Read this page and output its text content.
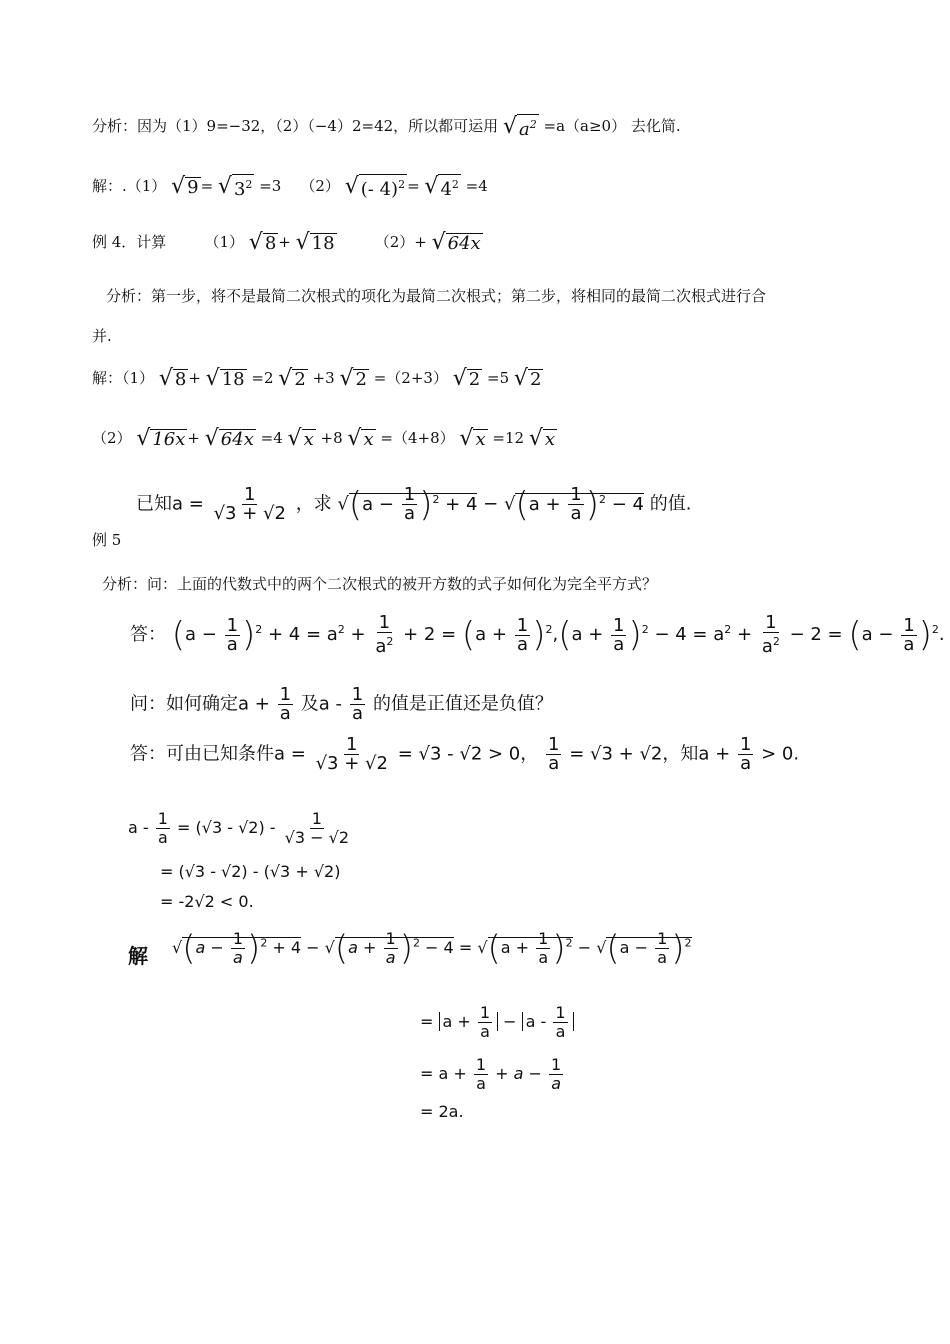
分析：因为（1）9=−32，（2）（−4）2=42，所以都可运用 √ $a^2 =a(a\ge 0)$ 去化简.
解：.（1） √ 9 = √ $3^2 =3$ （2） √ (- 4)$^2$ = √ $4^2 =4$
例 4．计算	（1） √ 8 + √ 18	（2）+ √ 64x
分析：第一步，将不是最简二次根式的项化为最简二次根式；第二步，将相同的最简二次根式进行合
并.
解：（1） √ 8 + √ 18 =2 √ 2 +3 √ 2 =（2+3） √ 2 =5 √ 2
（2） √ 16x + √ 64x =4 √ x +8 √ x =（4+8） √ x =12 √ x
已知$a = \frac{1}{√3 + √2}$ ，求 $√(a - \frac{1}{a} )^2 + 4 - √(a + \frac{1}{a} )^2 - 4$ 的值.
例 5
分析：问：上面的代数式中的两个二次根式的被开方数的式子如何化为完全平方式？
答： $(a - \frac{1}{a} )^2 + 4 = a^2 + \frac{1}{a^2} + 2 = (a + \frac{1}{a} )^2,(a + \frac{1}{a} )^2 - 4 = a^2 + \frac{1}{a^2} - 2 = (a - \frac{1}{a} )^2$.
问：如何确定$a + \frac{1}{a}$ 及a - $\frac{1}{a}$ 的值是正值还是负值？
答：可由已知条件$a = \frac{1}{√3 + √2} = √3 - √2 > 0$， $\frac{1}{a} = √3 + √2$，知$a + \frac{1}{a} > 0$.
$a - \frac{1}{a} = (√3 - √2) - \frac{1}{√3 - √2}$
= (√3 - √2) - (√3 + √2)
= -2√2 < 0.
解 $√(a - \frac{1}{a} )^2 + 4 - √(a + \frac{1}{a} )^2 - 4 = √(a + \frac{1}{a} )^2 - √(a - \frac{1}{a} )^2$
= $a + \frac{1}{a} - a - \frac{1}{a}$
= $a + \frac{1}{a} + a - \frac{1}{a}$
= 2a.
